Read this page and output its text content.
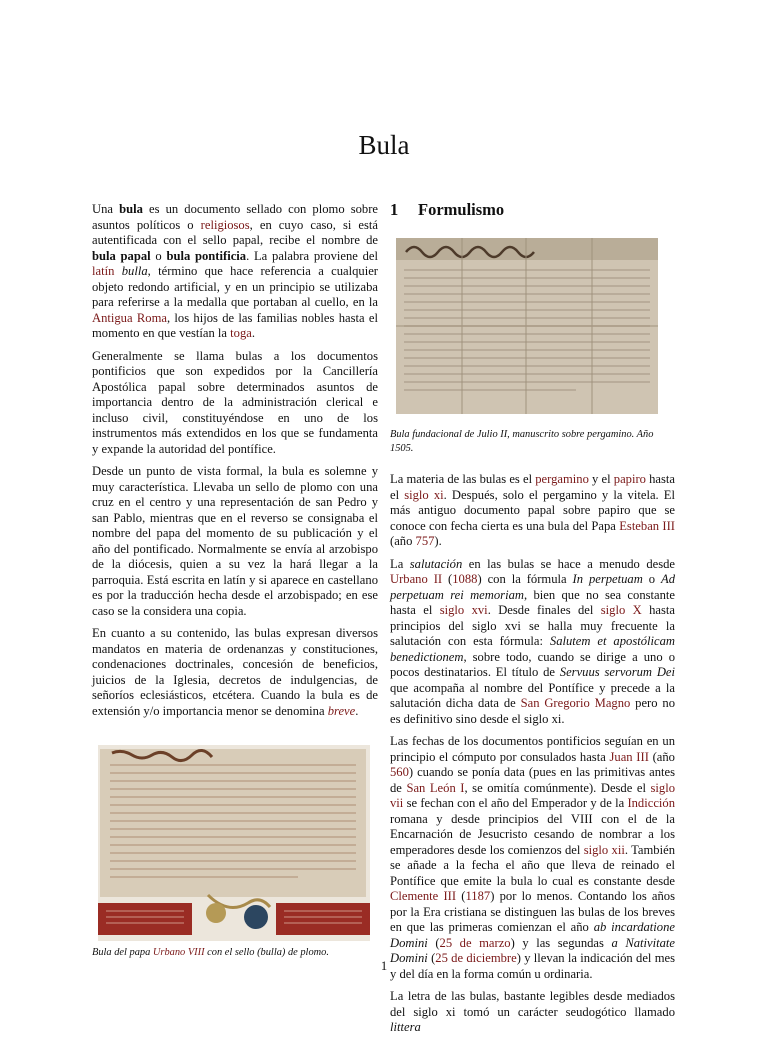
Bula

Una bula es un documento sellado con plomo sobre asuntos políticos o religiosos, en cuyo caso, si está autentificada con el sello papal, recibe el nombre de bula papal o bula pontificia. La palabra proviene del latín bulla, término que hace referencia a cualquier objeto redondo artificial, y en un principio se utilizaba para referirse a la medalla que portaban al cuello, en la Antigua Roma, los hijos de las familias nobles hasta el momento en que vestían la toga.

Generalmente se llama bulas a los documentos pontificios que son expedidos por la Cancillería Apostólica papal sobre determinados asuntos de importancia dentro de la administración clerical e incluso civil, constituyéndose en uno de los instrumentos más extendidos en los que se fundamenta y expande la autoridad del pontífice.

Desde un punto de vista formal, la bula es solemne y muy característica. Llevaba un sello de plomo con una cruz en el centro y una representación de san Pedro y san Pablo, mientras que en el reverso se consignaba el nombre del papa del momento de su publicación y el año del pontificado. Normalmente se envía al arzobispo de la diócesis, quien a su vez la hará llegar a la parroquia. Está escrita en latín y si aparece en castellano es por la traducción hecha desde el arzobispado; en ese caso se la considera una copia.

En cuanto a su contenido, las bulas expresan diversos mandatos en materia de ordenanzas y constituciones, condenaciones doctrinales, concesión de beneficios, juicios de la Iglesia, decretos de indulgencias, de señoríos eclesiásticos, etcétera. Cuando la bula es de extensión y/o importancia menor se denomina breve.

Bula del papa Urbano VIII con el sello (bulla) de plomo.
1 Formulismo
Bula fundacional de Julio II, manuscrito sobre pergamino. Año 1505.

La materia de las bulas es el pergamino y el papiro hasta el siglo xi. Después, solo el pergamino y la vitela. El más antiguo documento papal sobre papiro que se conoce con fecha cierta es una bula del Papa Esteban III (año 757).

La salutación en las bulas se hace a menudo desde Urbano II (1088) con la fórmula In perpetuam o Ad perpetuam rei memoriam, bien que no sea constante hasta el siglo xvi. Desde finales del siglo X hasta principios del siglo xvi se halla muy frecuente la salutación con esta fórmula: Salutem et apostólicam benedictionem, sobre todo, cuando se dirige a uno o pocos destinatarios. El título de Servuus servorum Dei que acompaña al nombre del Pontífice y precede a la salutación dicha data de San Gregorio Magno pero no es definitivo sino desde el siglo xi.

Las fechas de los documentos pontificios seguían en un principio el cómputo por consulados hasta Juan III (año 560) cuando se ponía data (pues en las primitivas antes de San León I, se omitía comúnmente). Desde el siglo vii se fechan con el año del Emperador y de la Indicción romana y desde principios del VIII con el de la Encarnación de Jesucristo cesando de nombrar a los emperadores desde los comienzos del siglo xii. También se añade a la fecha el año que lleva de reinado el Pontífice que emite la bula lo cual es constante desde Clemente III (1187) por lo menos. Contando los años por la Era cristiana se distinguen las bulas de los breves en que las primeras comienzan el año ab incardatione Domini (25 de marzo) y las segundas a Nativitate Domini (25 de diciembre) y llevan la indicación del mes y del día en la forma común u ordinaria.

La letra de las bulas, bastante legibles desde mediados del siglo xi tomó un carácter seudogótico llamado littera

1
